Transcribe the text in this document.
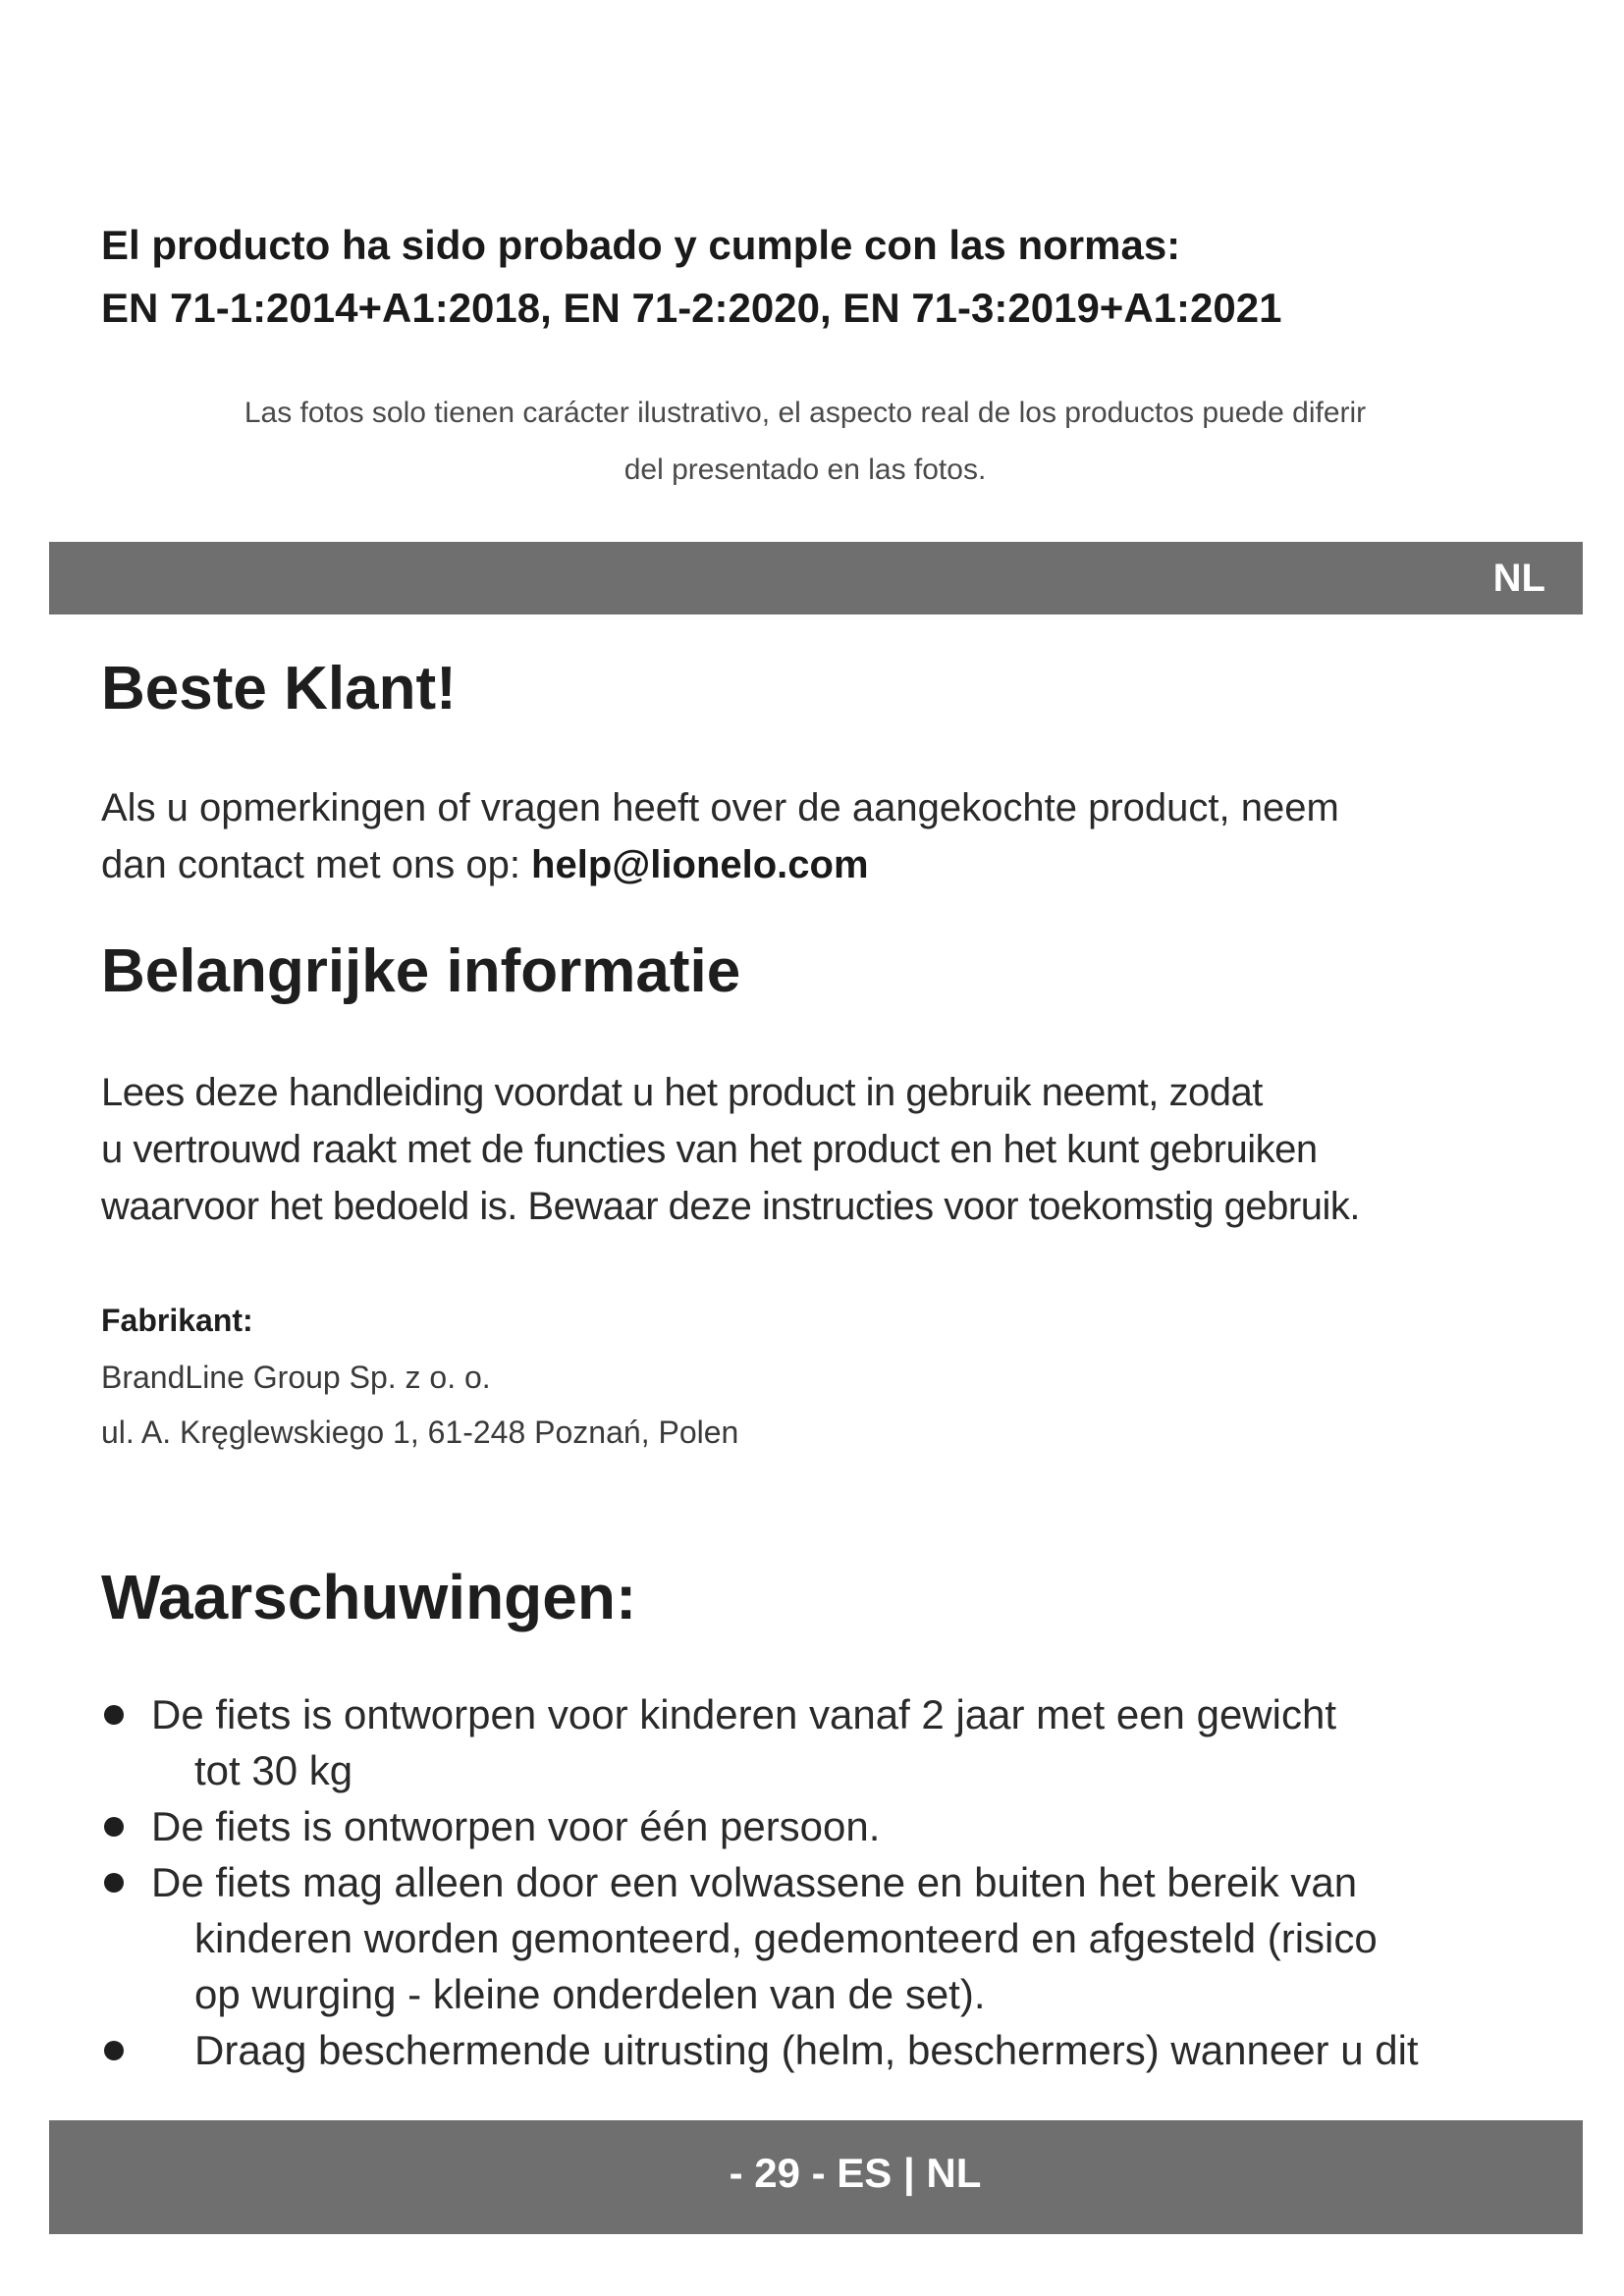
El producto ha sido probado y cumple con las normas:
EN 71-1:2014+A1:2018, EN 71-2:2020, EN 71-3:2019+A1:2021
Las fotos solo tienen carácter ilustrativo, el aspecto real de los productos puede diferir
del presentado en las fotos.
NL
Beste Klant!
Als u opmerkingen of vragen heeft over de aangekochte product, neem
dan contact met ons op: help@lionelo.com
Belangrijke informatie
Lees deze handleiding voordat u het product in gebruik neemt, zodat
u vertrouwd raakt met de functies van het product en het kunt gebruiken
waarvoor het bedoeld is. Bewaar deze instructies voor toekomstig gebruik.
Fabrikant:
BrandLine Group Sp. z o. o.
ul. A. Kręglewskiego 1, 61-248 Poznań, Polen
Waarschuwingen:
De fiets is ontworpen voor kinderen vanaf 2 jaar met een gewicht
tot 30 kg
De fiets is ontworpen voor één persoon.
De fiets mag alleen door een volwassene en buiten het bereik van
kinderen worden gemonteerd, gedemonteerd en afgesteld (risico
op wurging - kleine onderdelen van de set).
Draag beschermende uitrusting (helm, beschermers) wanneer u dit
- 29 - ES | NL
